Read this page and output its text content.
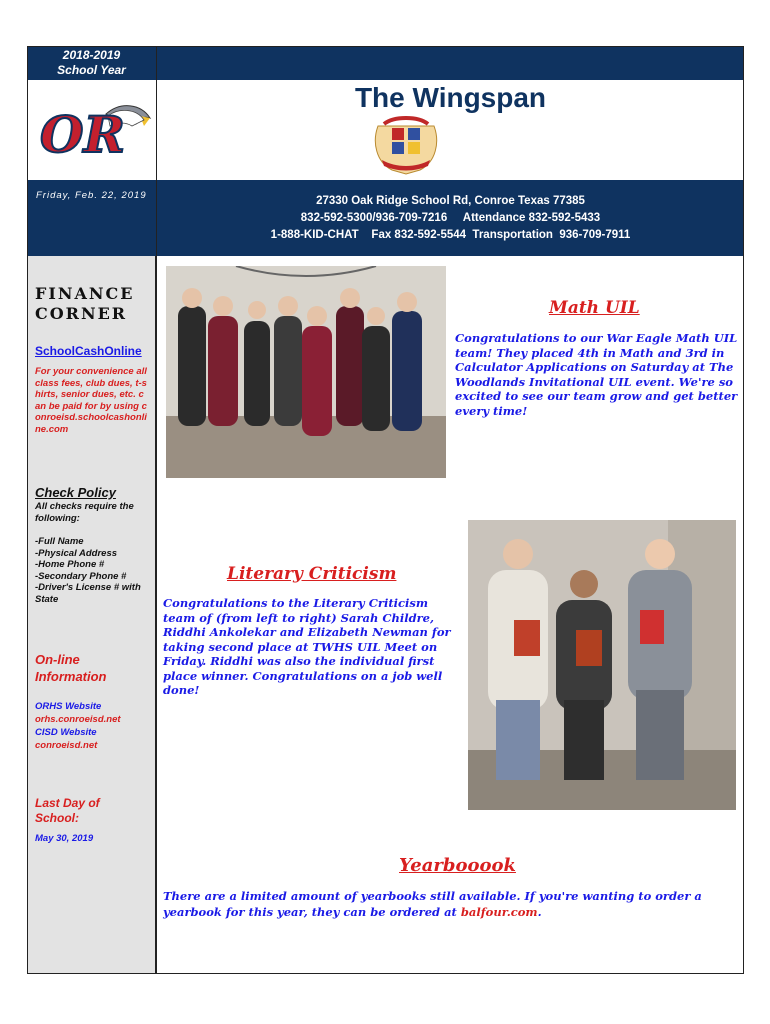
2018-2019
School Year
The Wingspan
OR
Friday, Feb. 22, 2019	27330 Oak Ridge School Rd, Conroe Texas 77385
832-592-5300/936-709-7216     Attendance 832-592-5433
1-888-KID-CHAT    Fax 832-592-5544  Transportation  936-709-7911
FINANCE CORNER
SchoolCashOnline
For your convenience all class fees, club dues, t-shirts, senior dues, etc. can be paid for by using conroeisd.schoolcashonline.com
Check Policy
All checks require the following:
-Full Name
-Physical Address
-Home Phone #
-Secondary Phone #
-Driver's License # with State
On-line Information
ORHS Website
orhs.conroeisd.net
CISD Website
conroeisd.net
Last Day of School:
May 30, 2019
Math UIL
Congratulations to our War Eagle Math UIL team! They placed 4th in Math and 3rd in Calculator Applications on Saturday at The Woodlands Invitational UIL event. We're so excited to see our team grow and get better every time!
Literary Criticism
Congratulations to the Literary Criticism team of (from left to right) Sarah Childre, Riddhi Ankolekar and Elizabeth Newman for taking second place at TWHS UIL Meet on Friday. Riddhi was also the individual first place winner. Congratulations on a job well done!
Yearbooook
There are a limited amount of yearbooks still available. If you're wanting to order a yearbook for this year, they can be ordered at balfour.com.
